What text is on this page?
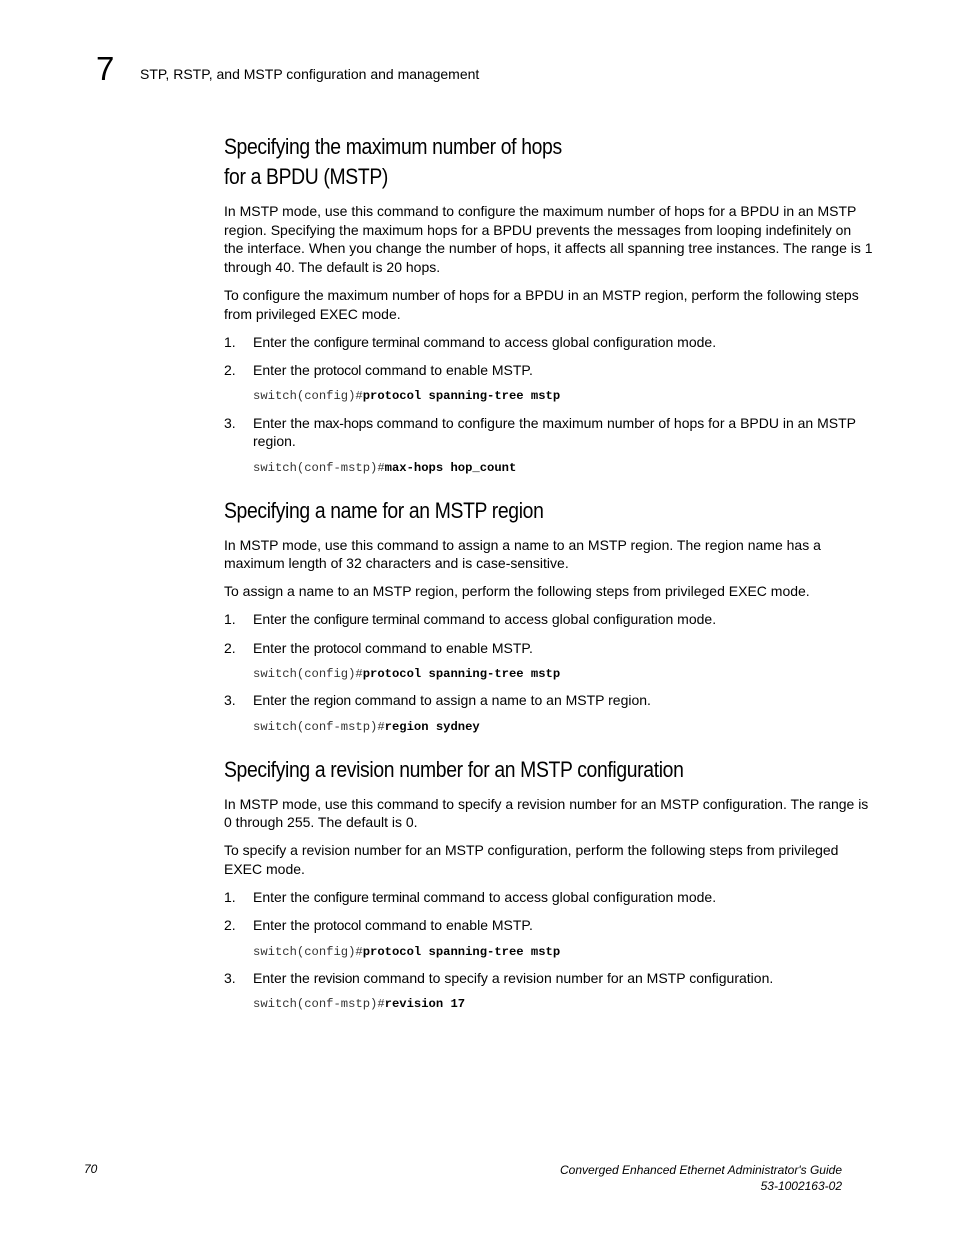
7 STP, RSTP, and MSTP configuration and management
Specifying the maximum number of hops
for a BPDU (MSTP)

In MSTP mode, use this command to configure the maximum number of hops for a BPDU in an MSTP region. Specifying the maximum hops for a BPDU prevents the messages from looping indefinitely on the interface. When you change the number of hops, it affects all spanning tree instances. The range is 1 through 40. The default is 20 hops.

To configure the maximum number of hops for a BPDU in an MSTP region, perform the following steps from privileged EXEC mode.

1. Enter the configure terminal command to access global configuration mode.
2. Enter the protocol command to enable MSTP.
switch(config)#protocol spanning-tree mstp
3. Enter the max-hops command to configure the maximum number of hops for a BPDU in an MSTP region.
switch(conf-mstp)#max-hops hop_count
Specifying a name for an MSTP region

In MSTP mode, use this command to assign a name to an MSTP region. The region name has a maximum length of 32 characters and is case-sensitive.

To assign a name to an MSTP region, perform the following steps from privileged EXEC mode.

1. Enter the configure terminal command to access global configuration mode.
2. Enter the protocol command to enable MSTP.
switch(config)#protocol spanning-tree mstp
3. Enter the region command to assign a name to an MSTP region.
switch(conf-mstp)#region sydney
Specifying a revision number for an MSTP configuration

In MSTP mode, use this command to specify a revision number for an MSTP configuration. The range is 0 through 255. The default is 0.

To specify a revision number for an MSTP configuration, perform the following steps from privileged EXEC mode.

1. Enter the configure terminal command to access global configuration mode.
2. Enter the protocol command to enable MSTP.
switch(config)#protocol spanning-tree mstp
3. Enter the revision command to specify a revision number for an MSTP configuration.
switch(conf-mstp)#revision 17
70	Converged Enhanced Ethernet Administrator's Guide
53-1002163-02
